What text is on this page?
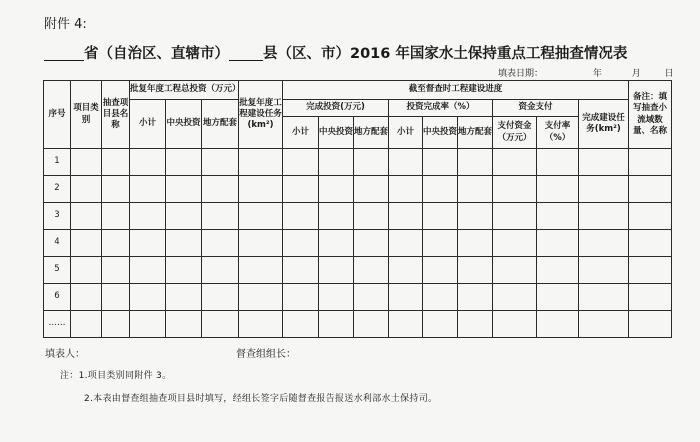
附件 4:
省（自治区、直辖市） 县（区、市）2016 年国家水土保持重点工程抽查情况表
填表日期：	年	月	日
序号	项目类别	抽查项目县名称	批复年度工程总投资（万元）			批复年度工程建设任务(km²)	截至督查时工程建设进度									备注：填写抽查小流域数量、名称
			小计	中央投资	地方配套		完成投资(万元)			投资完成率（%）			资金支付		完成建设任务(km²)	
							小计	中央投资	地方配套	小计	中央投资	地方配套	支付资金（万元）	支付率（%）		
1																
2																
3																
4																
5																
6																
……																
填表人：	督查组组长：
注：1.项目类别同附件 3。
2.本表由督查组抽查项目县时填写，经组长签字后随督查报告报送水利部水土保持司。
